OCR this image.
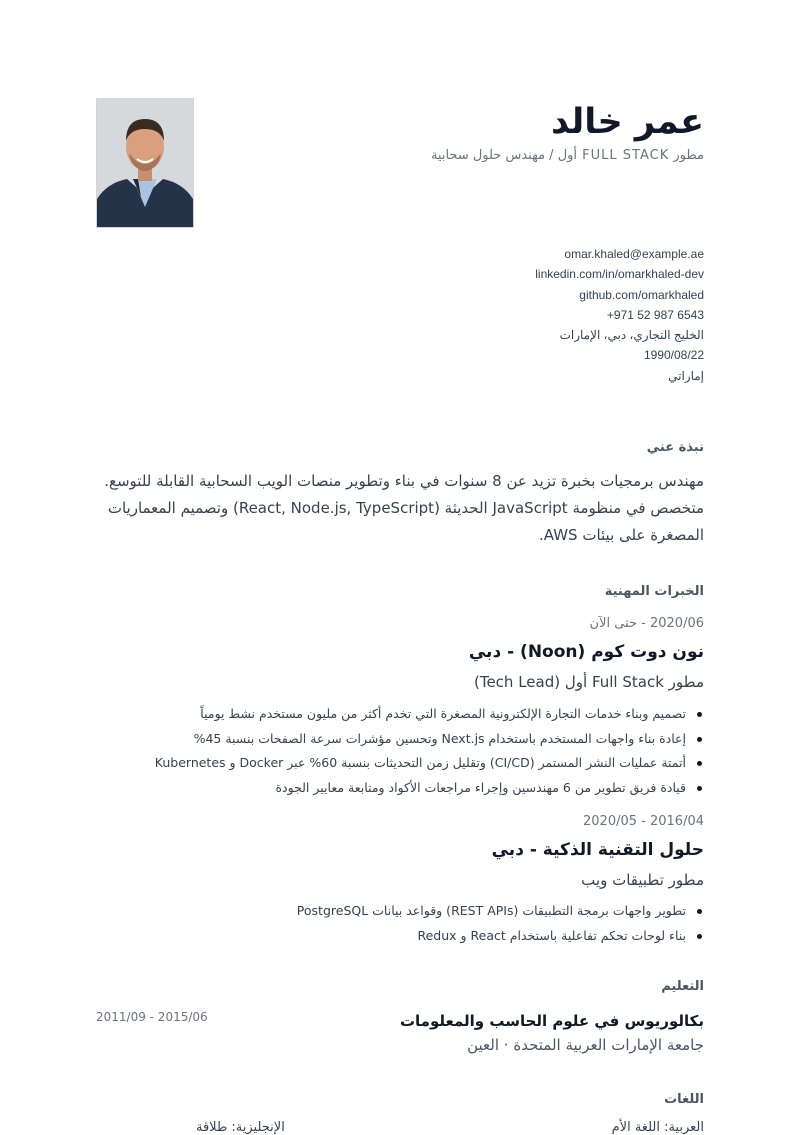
عمر خالد
مطور FULL STACK أول / مهندس حلول سحابية
omar.khaled@example.ae
linkedin.com/in/omarkhaled-dev
github.com/omarkhaled
+971 52 987 6543
الخليج التجاري، دبي، الإمارات
1990/08/22
إماراتي
نبذة عني
مهندس برمجيات بخبرة تزيد عن 8 سنوات في بناء وتطوير منصات الويب السحابية القابلة للتوسع. متخصص في منظومة JavaScript الحديثة (React, Node.js, TypeScript) وتصميم المعماريات المصغرة على بيئات AWS.
الخبرات المهنية
2020/06 - حتى الآن
نون دوت كوم (Noon) - دبي
مطور Full Stack أول (Tech Lead)
تصميم وبناء خدمات التجارة الإلكترونية المصغرة التي تخدم أكثر من مليون مستخدم نشط يومياً
إعادة بناء واجهات المستخدم باستخدام Next.js وتحسين مؤشرات سرعة الصفحات بنسبة 45%
أتمتة عمليات النشر المستمر (CI/CD) وتقليل زمن التحديثات بنسبة 60% عبر Docker و Kubernetes
قيادة فريق تطوير من 6 مهندسين وإجراء مراجعات الأكواد ومتابعة معايير الجودة
2016/04 - 2020/05
حلول التقنية الذكية - دبي
مطور تطبيقات ويب
تطوير واجهات برمجة التطبيقات (REST APIs) وقواعد بيانات PostgreSQL
بناء لوحات تحكم تفاعلية باستخدام React و Redux
التعليم
بكالوريوس في علوم الحاسب والمعلومات
جامعة الإمارات العربية المتحدة · العين
2011/09 - 2015/06
اللغات
العربية: اللغة الأم
الإنجليزية: طلاقة
